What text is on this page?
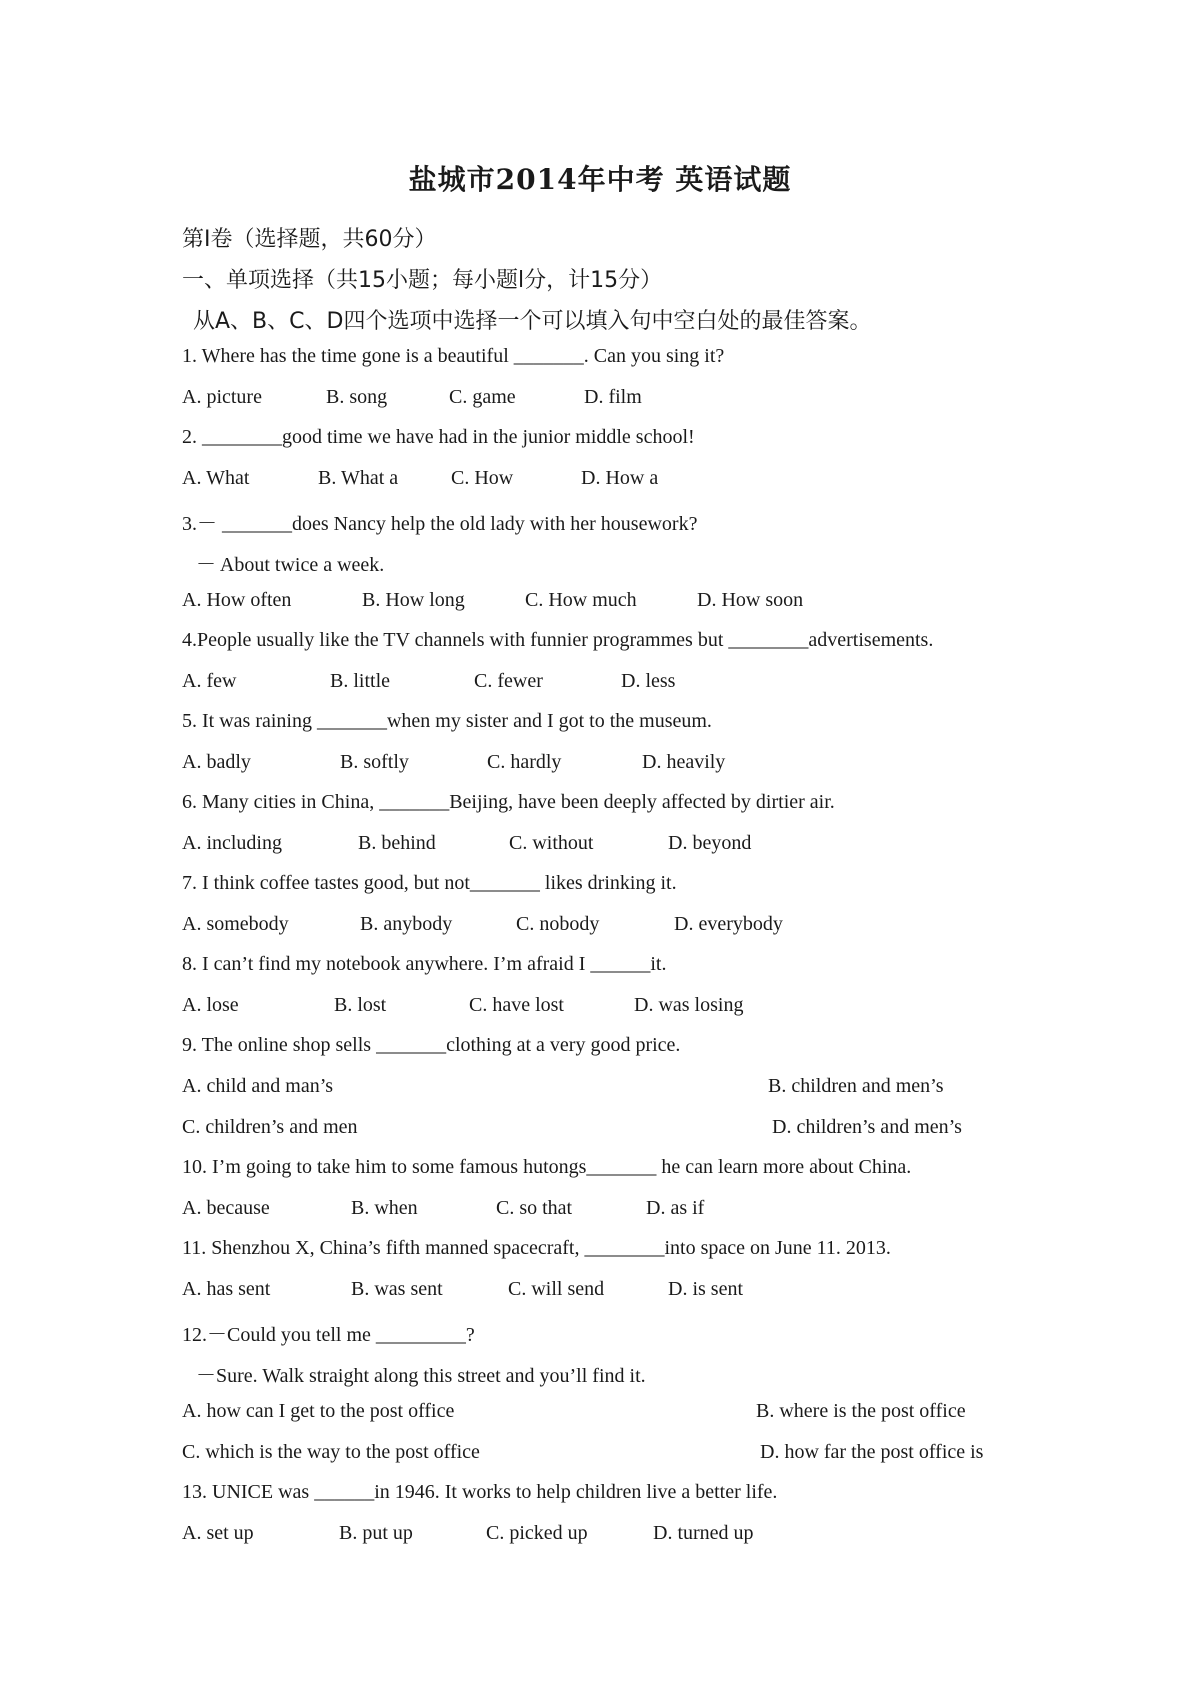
盐城市2014年中考 英语试题
第I卷（选择题，共60分）
一、单项选择（共15小题；每小题l分，计15分）
从A、B、C、D四个选项中选择一个可以填入句中空白处的最佳答案。
1. Where has the time gone is a beautiful _______. Can you sing it?
A. picture	B. song	C. game	D. film
2. ________good time we have had in the junior middle school!
A. What	B. What a	C. How	D. How a
3.－ _______does Nancy help the old lady with her housework?
－ About twice a week.
A. How often	B. How long	C. How much	D. How soon
4.People usually like the TV channels with funnier programmes but ________advertisements.
A. few	B. little	C. fewer	D. less
5. It was raining _______when my sister and I got to the museum.
A. badly	B. softly	C. hardly	D. heavily
6. Many cities in China, _______Beijing, have been deeply affected by dirtier air.
A. including	B. behind	C. without	D. beyond
7. I think coffee tastes good, but not_______ likes drinking it.
A. somebody	B. anybody	C. nobody	D. everybody
8. I can’t find my notebook anywhere. I’m afraid I ______it.
A. lose	B. lost	C. have lost	D. was losing
9. The online shop sells _______clothing at a very good price.
A. child and man’s	B. children and men’s
C. children’s and men	D. children’s and men’s
10. I’m going to take him to some famous hutongs_______ he can learn more about China.
A. because	B. when	C. so that	D. as if
11. Shenzhou X, China’s fifth manned spacecraft, ________into space on June 11. 2013.
A. has sent	B. was sent	C. will send	D. is sent
12.－Could you tell me _________?
－Sure. Walk straight along this street and you’ll find it.
A. how can I get to the post office	B. where is the post office
C. which is the way to the post office	D. how far the post office is
13. UNICE was ______in 1946. It works to help children live a better life.
A. set up	B. put up	C. picked up	D. turned up
